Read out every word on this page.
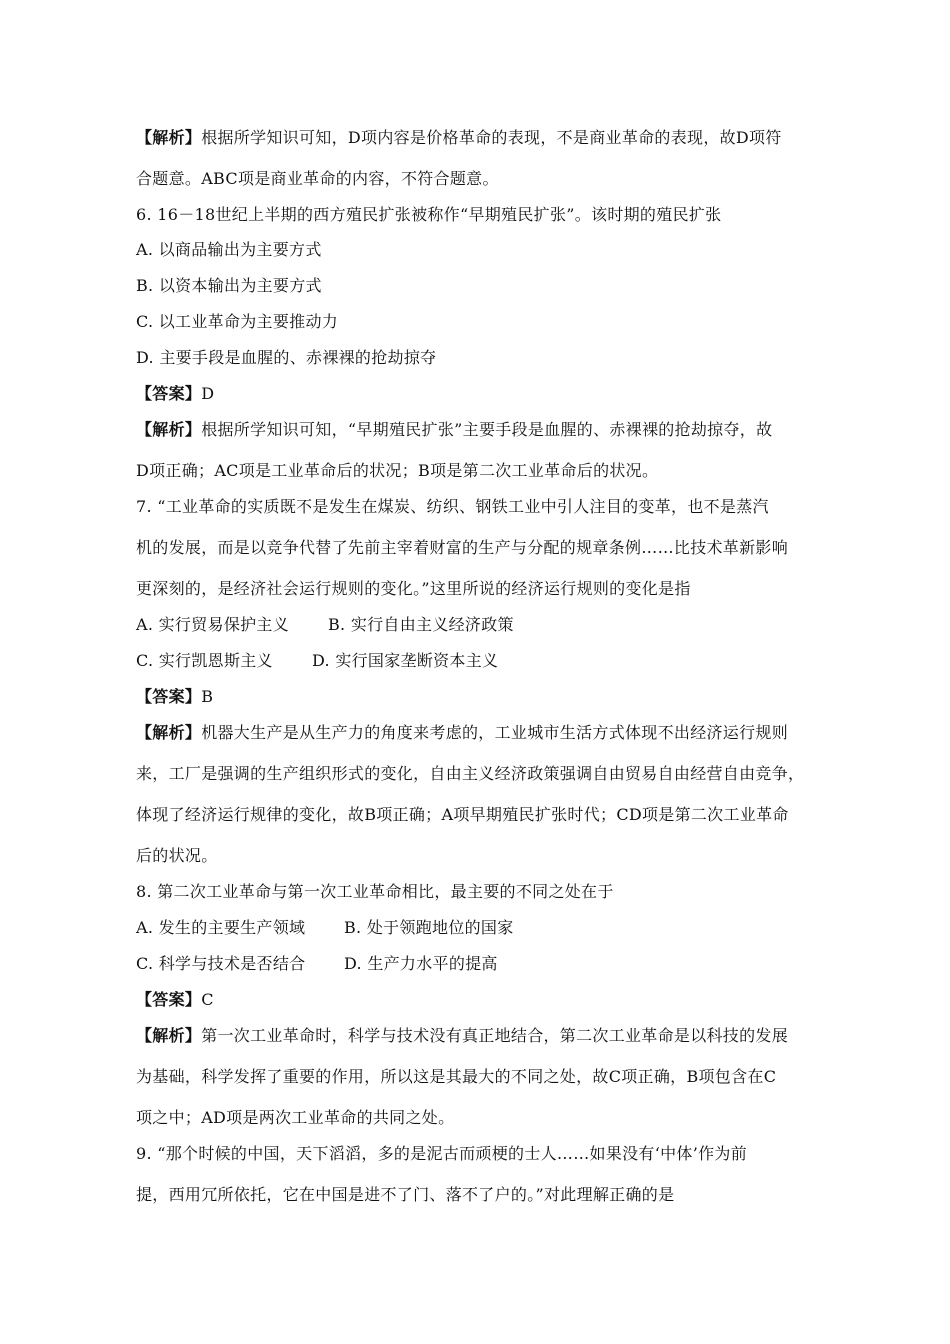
【解析】根据所学知识可知，D项内容是价格革命的表现，不是商业革命的表现，故D项符
合题意。ABC项是商业革命的内容，不符合题意。
6. 16－18世纪上半期的西方殖民扩张被称作“早期殖民扩张”。该时期的殖民扩张
A. 以商品输出为主要方式
B. 以资本输出为主要方式
C. 以工业革命为主要推动力
D. 主要手段是血腥的、赤裸裸的抢劫掠夺
【答案】D
【解析】根据所学知识可知，“早期殖民扩张”主要手段是血腥的、赤裸裸的抢劫掠夺，故
D项正确；AC项是工业革命后的状况；B项是第二次工业革命后的状况。
7. “工业革命的实质既不是发生在煤炭、纺织、钢铁工业中引人注目的变革，也不是蒸汽
机的发展，而是以竞争代替了先前主宰着财富的生产与分配的规章条例……比技术革新影响
更深刻的，是经济社会运行规则的变化。”这里所说的经济运行规则的变化是指
A. 实行贸易保护主义 B. 实行自由主义经济政策
C. 实行凯恩斯主义 D. 实行国家垄断资本主义
【答案】B
【解析】机器大生产是从生产力的角度来考虑的，工业城市生活方式体现不出经济运行规则
来，工厂是强调的生产组织形式的变化，自由主义经济政策强调自由贸易自由经营自由竞争，
体现了经济运行规律的变化，故B项正确；A项早期殖民扩张时代；CD项是第二次工业革命
后的状况。
8. 第二次工业革命与第一次工业革命相比，最主要的不同之处在于
A. 发生的主要生产领域 B. 处于领跑地位的国家
C. 科学与技术是否结合 D. 生产力水平的提高
【答案】C
【解析】第一次工业革命时，科学与技术没有真正地结合，第二次工业革命是以科技的发展
为基础，科学发挥了重要的作用，所以这是其最大的不同之处，故C项正确，B项包含在C
项之中；AD项是两次工业革命的共同之处。
9. “那个时候的中国，天下滔滔，多的是泥古而顽梗的士人……如果没有‘中体’作为前
提，西用冗所依托，它在中国是进不了门、落不了户的。”对此理解正确的是
